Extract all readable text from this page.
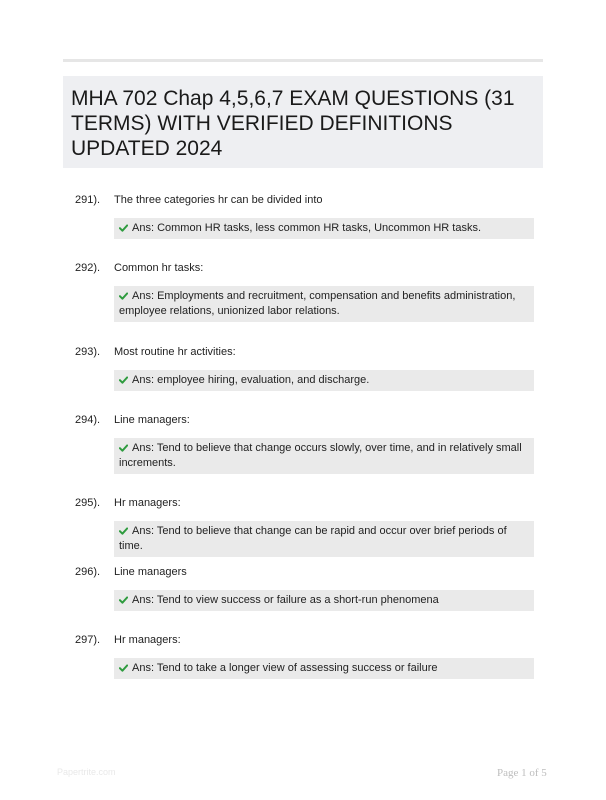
MHA 702 Chap 4,5,6,7 EXAM QUESTIONS (31 TERMS) WITH VERIFIED DEFINITIONS UPDATED 2024
291). The three categories hr can be divided into
Ans: Common HR tasks, less common HR tasks, Uncommon HR tasks.
292). Common hr tasks:
Ans: Employments and recruitment, compensation and benefits administration, employee relations, unionized labor relations.
293). Most routine hr activities:
Ans: employee hiring, evaluation, and discharge.
294). Line managers:
Ans: Tend to believe that change occurs slowly, over time, and in relatively small increments.
295). Hr managers:
Ans: Tend to believe that change can be rapid and occur over brief periods of time.
296). Line managers
Ans: Tend to view success or failure as a short-run phenomena
297). Hr managers:
Ans: Tend to take a longer view of assessing success or failure
Papertrite.com	Page 1 of 5
